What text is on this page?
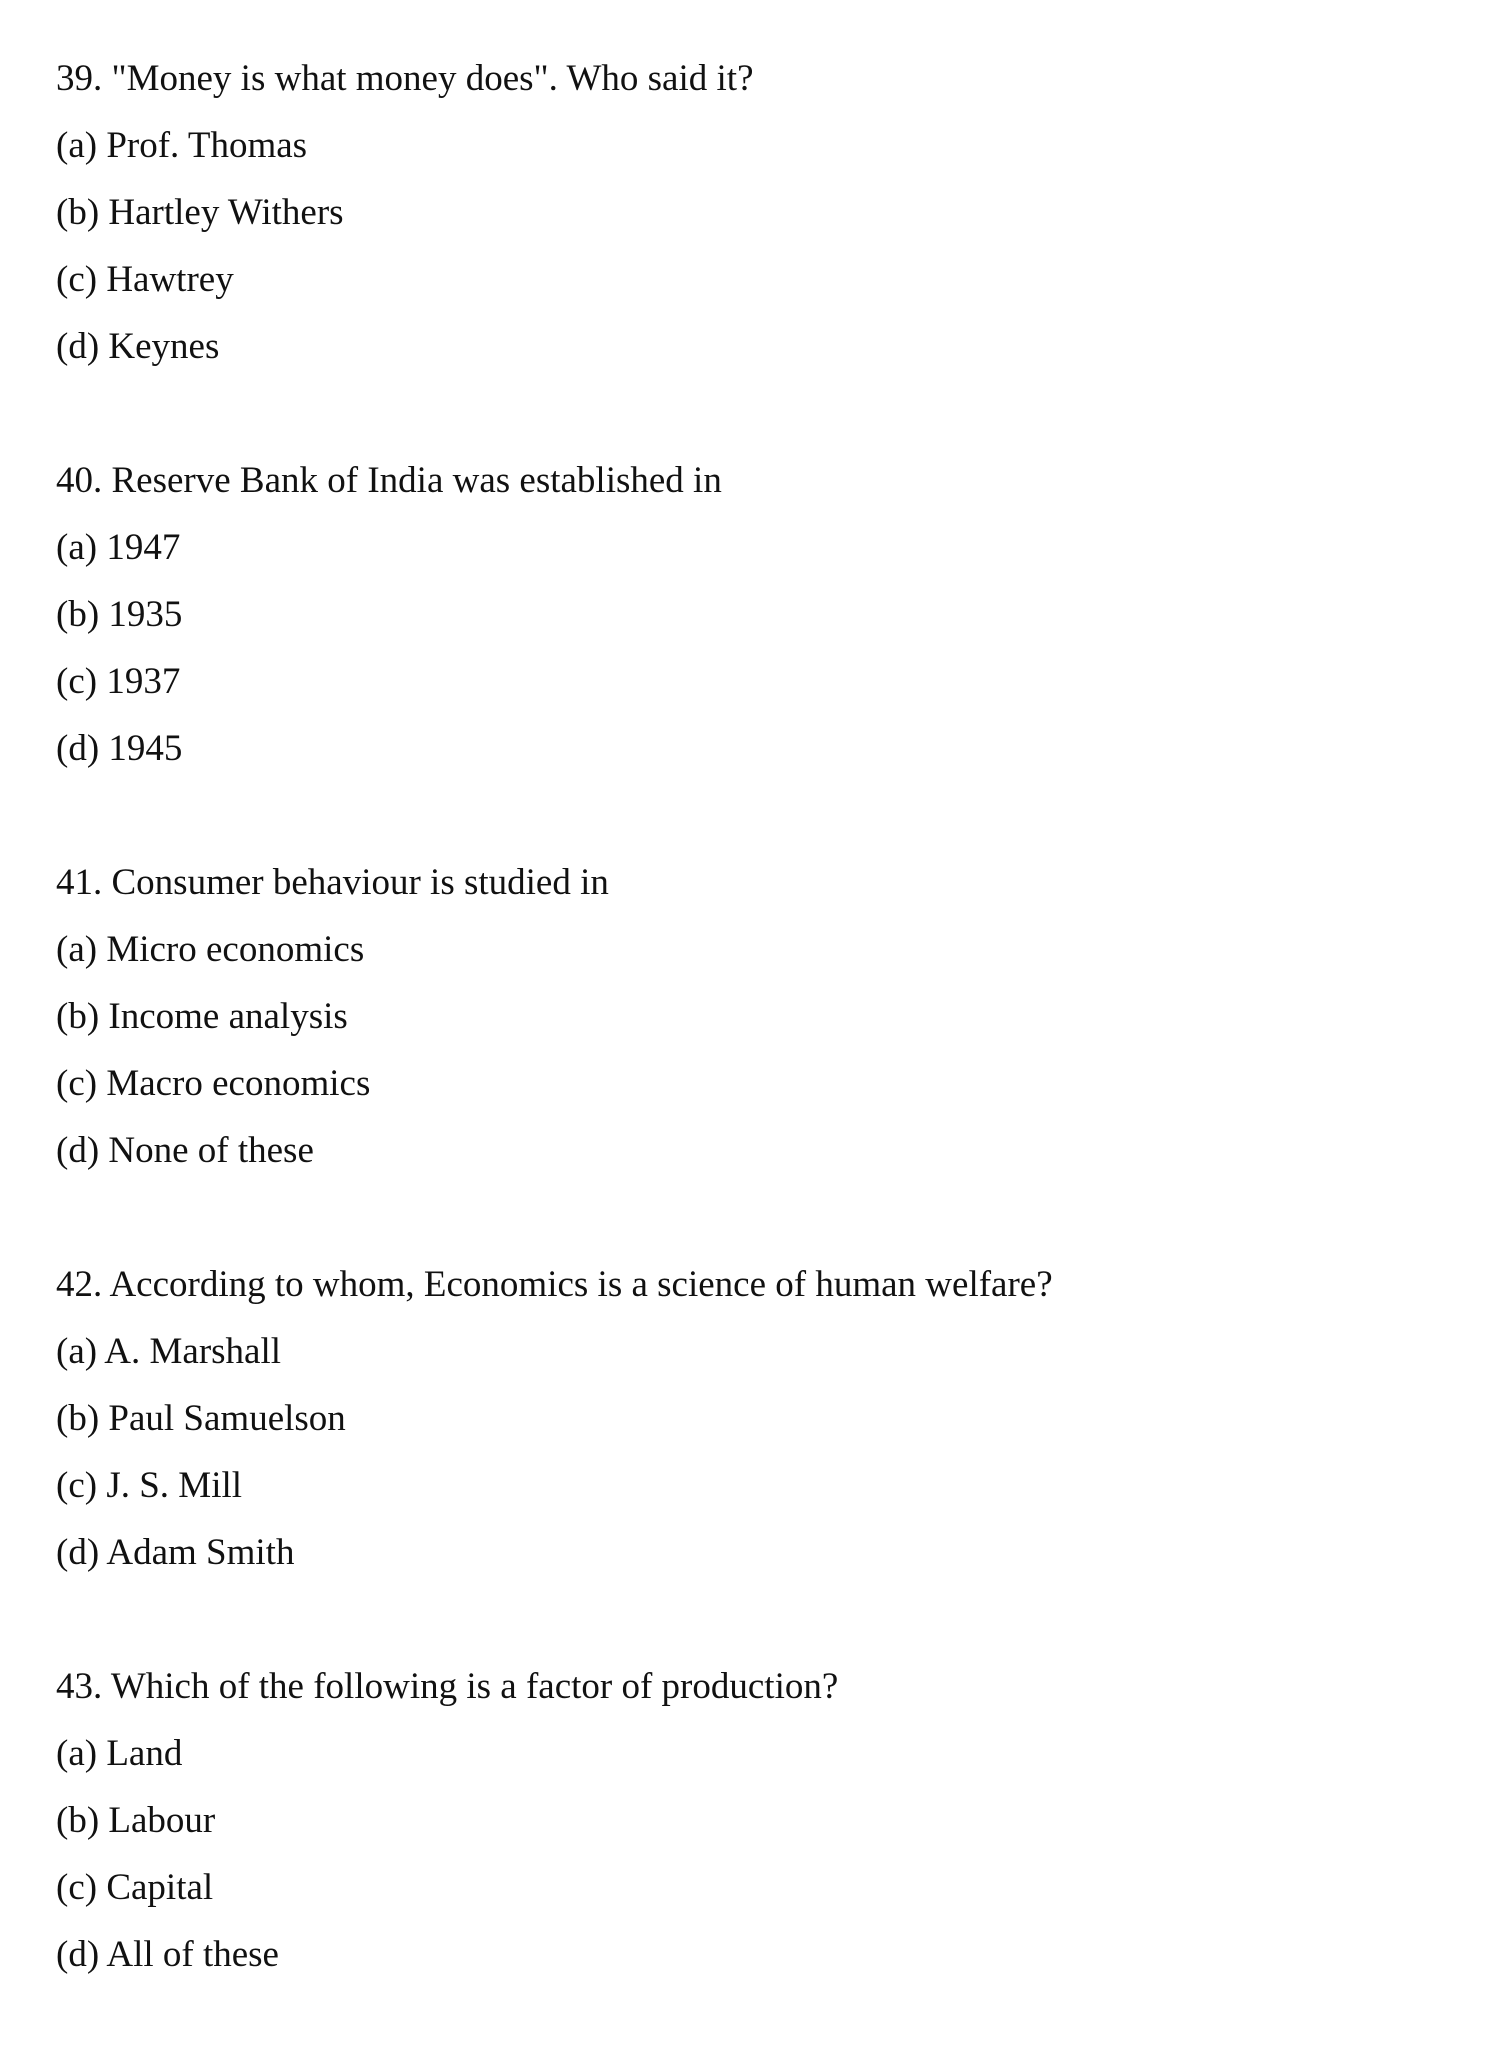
39. "Money is what money does". Who said it?
(a) Prof. Thomas
(b) Hartley Withers
(c) Hawtrey
(d) Keynes
40. Reserve Bank of India was established in
(a) 1947
(b) 1935
(c) 1937
(d) 1945
41. Consumer behaviour is studied in
(a) Micro economics
(b) Income analysis
(c) Macro economics
(d) None of these
42. According to whom, Economics is a science of human welfare?
(a) A. Marshall
(b) Paul Samuelson
(c) J. S. Mill
(d) Adam Smith
43. Which of the following is a factor of production?
(a) Land
(b) Labour
(c) Capital
(d) All of these
